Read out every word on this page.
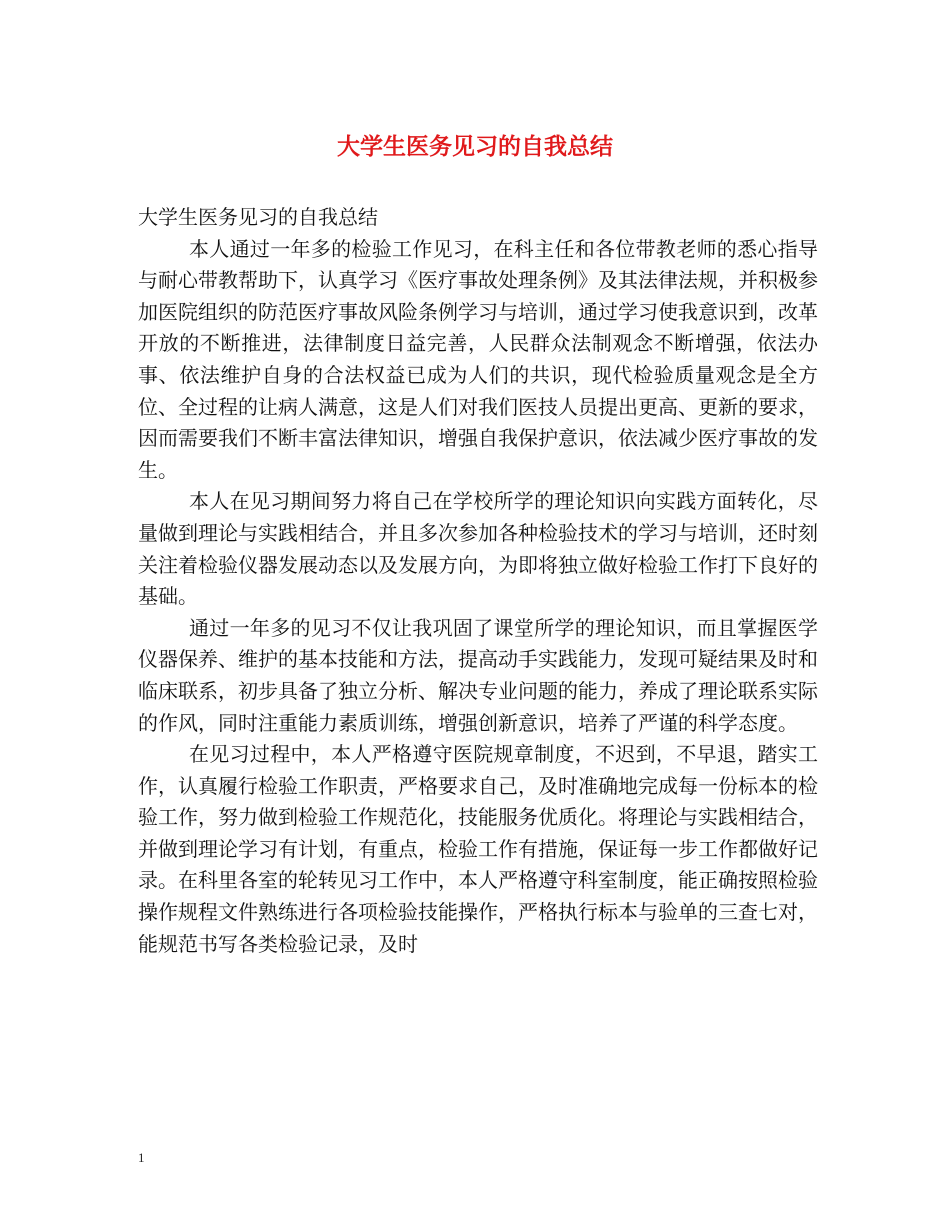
大学生医务见习的自我总结

大学生医务见习的自我总结

本人通过一年多的检验工作见习，在科主任和各位带教老师的悉心指导与耐心带教帮助下，认真学习《医疗事故处理条例》及其法律法规，并积极参加医院组织的防范医疗事故风险条例学习与培训，通过学习使我意识到，改革开放的不断推进，法律制度日益完善，人民群众法制观念不断增强，依法办事、依法维护自身的合法权益已成为人们的共识，现代检验质量观念是全方位、全过程的让病人满意，这是人们对我们医技人员提出更高、更新的要求，因而需要我们不断丰富法律知识，增强自我保护意识，依法减少医疗事故的发生。

本人在见习期间努力将自己在学校所学的理论知识向实践方面转化，尽量做到理论与实践相结合，并且多次参加各种检验技术的学习与培训，还时刻关注着检验仪器发展动态以及发展方向，为即将独立做好检验工作打下良好的基础。

通过一年多的见习不仅让我巩固了课堂所学的理论知识，而且掌握医学仪器保养、维护的基本技能和方法，提高动手实践能力，发现可疑结果及时和临床联系，初步具备了独立分析、解决专业问题的能力，养成了理论联系实际的作风，同时注重能力素质训练，增强创新意识，培养了严谨的科学态度。

在见习过程中，本人严格遵守医院规章制度，不迟到，不早退，踏实工作，认真履行检验工作职责，严格要求自己，及时准确地完成每一份标本的检验工作，努力做到检验工作规范化，技能服务优质化。将理论与实践相结合，并做到理论学习有计划，有重点，检验工作有措施，保证每一步工作都做好记录。在科里各室的轮转见习工作中，本人严格遵守科室制度，能正确按照检验操作规程文件熟练进行各项检验技能操作，严格执行标本与验单的三查七对，能规范书写各类检验记录，及时

1
